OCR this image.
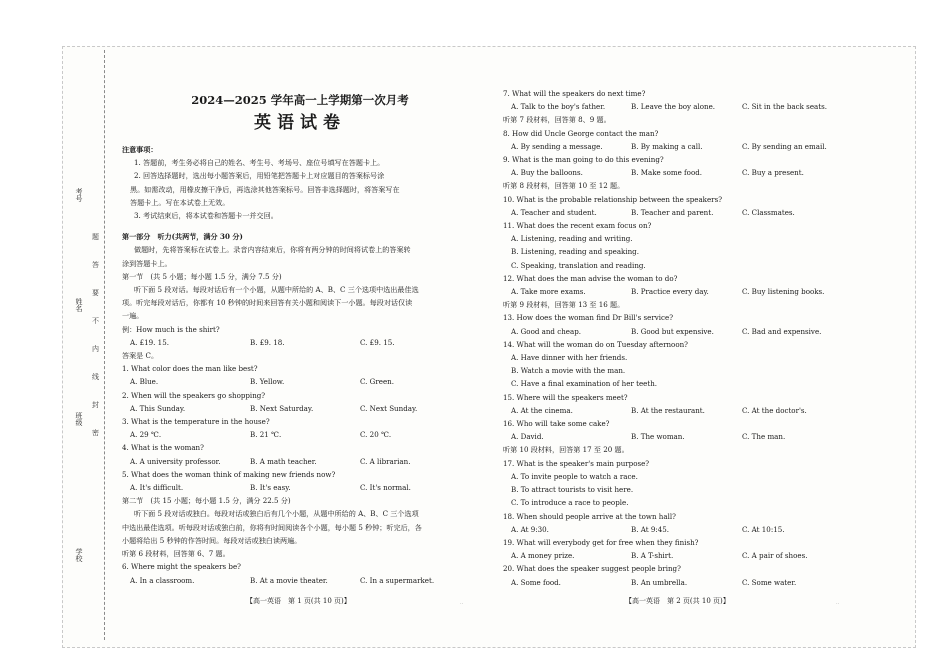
考号
姓名
班级
学校
题
答
要
不
内
线
封
密
2024—2025 学年高一上学期第一次月考
英语试卷

注意事项：

1. 答题前，考生务必将自己的姓名、考生号、考场号、座位号填写在答题卡上。

2. 回答选择题时，选出每小题答案后，用铅笔把答题卡上对应题目的答案标号涂

黑。如需改动，用橡皮擦干净后，再选涂其他答案标号。回答非选择题时，将答案写在

答题卡上。写在本试卷上无效。

3. 考试结束后，将本试卷和答题卡一并交回。

第一部分　听力(共两节，满分 30 分)

做题时，先将答案标在试卷上。录音内容结束后，你将有两分钟的时间将试卷上的答案转

涂到答题卡上。

第一节　(共 5 小题；每小题 1.5 分，满分 7.5 分)

听下面 5 段对话。每段对话后有一个小题，从题中所给的 A、B、C 三个选项中选出最佳选

项。听完每段对话后，你都有 10 秒钟的时间来回答有关小题和阅读下一小题。每段对话仅读

一遍。

例：How much is the shirt?

A. £19. 15.	B. £9. 18.	C. £9. 15.

答案是 C。

1. What color does the man like best?

A. Blue.	B. Yellow.	C. Green.

2. When will the speakers go shopping?

A. This Sunday.	B. Next Saturday.	C. Next Sunday.

3. What is the temperature in the house?

A. 29 ℃.	B. 21 ℃.	C. 20 ℃.

4. What is the woman?

A. A university professor.	B. A math teacher.	C. A librarian.

5. What does the woman think of making new friends now?

A. It's difficult.	B. It's easy.	C. It's normal.

第二节　(共 15 小题；每小题 1.5 分，满分 22.5 分)

听下面 5 段对话或独白。每段对话或独白后有几个小题，从题中所给的 A、B、C 三个选项

中选出最佳选项。听每段对话或独白前，你将有时间阅读各个小题，每小题 5 秒钟；听完后，各

小题将给出 5 秒钟的作答时间。每段对话或独白读两遍。

听第 6 段材料，回答第 6、7 题。

6. Where might the speakers be?

A. In a classroom.	B. At a movie theater.	C. In a supermarket.

【高一英语　第 1 页(共 10 页)】	..

7. What will the speakers do next time?

A. Talk to the boy's father.	B. Leave the boy alone.	C. Sit in the back seats.

听第 7 段材料，回答第 8、9 题。

8. How did Uncle George contact the man?

A. By sending a message.	B. By making a call.	C. By sending an email.

9. What is the man going to do this evening?

A. Buy the balloons.	B. Make some food.	C. Buy a present.

听第 8 段材料，回答第 10 至 12 题。

10. What is the probable relationship between the speakers?

A. Teacher and student.	B. Teacher and parent.	C. Classmates.

11. What does the recent exam focus on?

A. Listening, reading and writing.

B. Listening, reading and speaking.

C. Speaking, translation and reading.

12. What does the man advise the woman to do?

A. Take more exams.	B. Practice every day.	C. Buy listening books.

听第 9 段材料，回答第 13 至 16 题。

13. How does the woman find Dr Bill's service?

A. Good and cheap.	B. Good but expensive.	C. Bad and expensive.

14. What will the woman do on Tuesday afternoon?

A. Have dinner with her friends.

B. Watch a movie with the man.

C. Have a final examination of her teeth.

15. Where will the speakers meet?

A. At the cinema.	B. At the restaurant.	C. At the doctor's.

16. Who will take some cake?

A. David.	B. The woman.	C. The man.

听第 10 段材料，回答第 17 至 20 题。

17. What is the speaker's main purpose?

A. To invite people to watch a race.

B. To attract tourists to visit here.

C. To introduce a race to people.

18. When should people arrive at the town hall?

A. At 9:30.	B. At 9:45.	C. At 10:15.

19. What will everybody get for free when they finish?

A. A money prize.	B. A T-shirt.	C. A pair of shoes.

20. What does the speaker suggest people bring?

A. Some food.	B. An umbrella.	C. Some water.

【高一英语　第 2 页(共 10 页)】	..
